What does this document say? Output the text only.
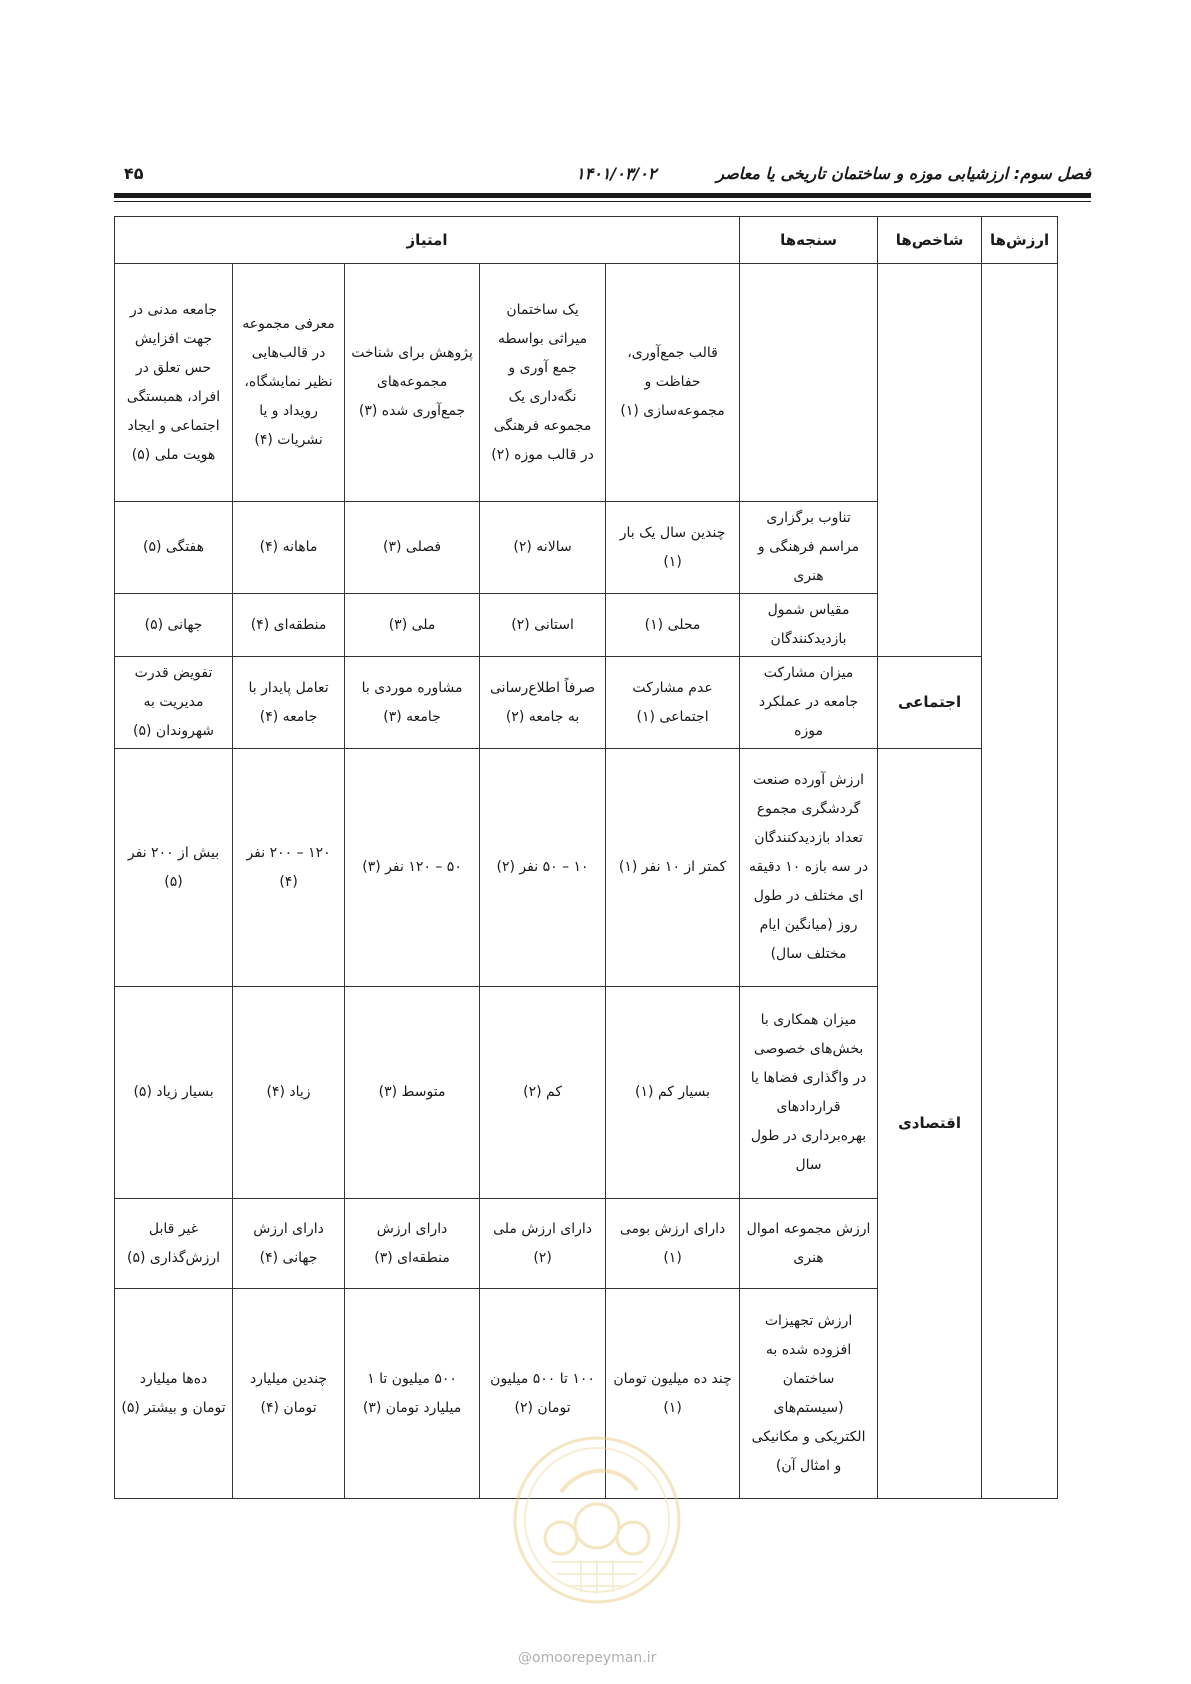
فصل سوم: ارزشیابی موزه و ساختمان تاریخی یا معاصر
۱۴۰۱/۰۳/۰۲
۴۵
ارزش‌ها	شاخص‌ها	سنجه‌ها	امتیاز				
			قالب جمع‌آوری، حفاظت و مجموعه‌سازی (۱)	یک ساختمان میراثی بواسطه جمع آوری و نگه‌داری یک مجموعه فرهنگی در قالب موزه (۲)	پژوهش برای شناخت مجموعه‌های جمع‌آوری شده (۳)	معرفی مجموعه در قالب‌هایی نظیر نمایشگاه، رویداد و یا نشریات (۴)	جامعه مدنی در جهت افزایش حس تعلق در افراد، همبستگی اجتماعی و ایجاد هویت ملی (۵)
		تناوب برگزاری مراسم فرهنگی و هنری	چندین سال یک بار (۱)	سالانه (۲)	فصلی (۳)	ماهانه (۴)	هفتگی (۵)
		مقیاس شمول بازدیدکنندگان	محلی (۱)	استانی (۲)	ملی (۳)	منطقه‌ای (۴)	جهانی (۵)
	اجتماعی	میزان مشارکت جامعه در عملکرد موزه	عدم مشارکت اجتماعی (۱)	صرفاً اطلاع‌رسانی به جامعه (۲)	مشاوره موردی با جامعه (۳)	تعامل پایدار با جامعه (۴)	تفویض قدرت مدیریت به شهروندان (۵)
	اقتصادی	ارزش آورده صنعت گردشگری مجموع تعداد بازدیدکنندگان در سه بازه ۱۰ دقیقه ای مختلف در طول روز (میانگین ایام مختلف سال)	کمتر از ۱۰ نفر (۱)	۱۰ – ۵۰ نفر (۲)	۵۰ – ۱۲۰ نفر (۳)	۱۲۰ – ۲۰۰ نفر (۴)	بیش از ۲۰۰ نفر (۵)
		میزان همکاری با بخش‌های خصوصی در واگذاری فضاها یا قراردادهای بهره‌برداری در طول سال	بسیار کم (۱)	کم (۲)	متوسط (۳)	زیاد (۴)	بسیار زیاد (۵)
		ارزش مجموعه اموال هنری	دارای ارزش بومی (۱)	دارای ارزش ملی (۲)	دارای ارزش منطقه‌ای (۳)	دارای ارزش جهانی (۴)	غیر قابل ارزش‌گذاری (۵)
		ارزش تجهیزات افزوده شده به ساختمان (سیستم‌های الکتریکی و مکانیکی و امثال آن)	چند ده میلیون تومان (۱)	۱۰۰ تا ۵۰۰ میلیون تومان (۲)	۵۰۰ میلیون تا ۱ میلیارد تومان (۳)	چندین میلیارد تومان (۴)	ده‌ها میلیارد تومان و بیشتر (۵)
@omoorepeyman.ir
